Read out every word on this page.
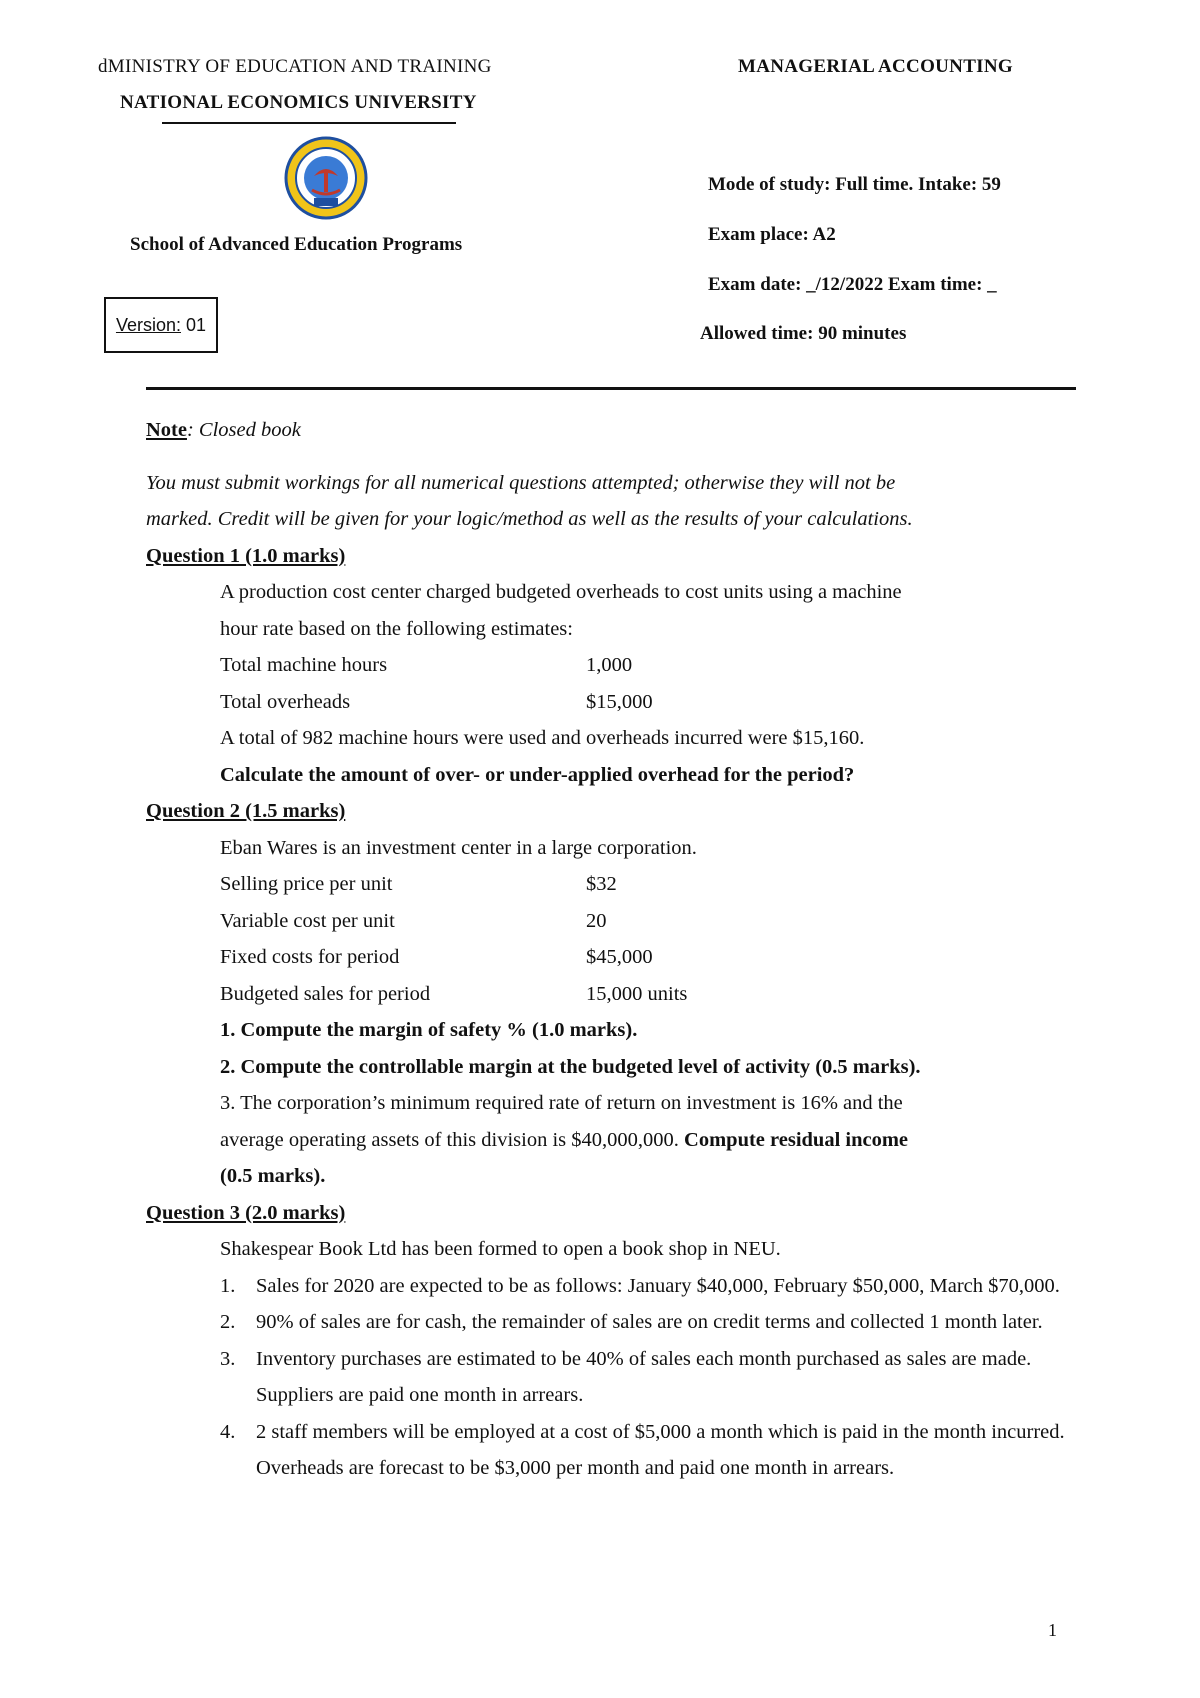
dMINISTRY OF EDUCATION AND TRAINING
NATIONAL ECONOMICS UNIVERSITY
MANAGERIAL ACCOUNTING
School of Advanced Education Programs
Version:
01
Mode of study: Full time. Intake: 59
Exam place: A2
Exam date: _/12/2022 Exam time: _
Allowed time: 90 minutes
Note: Closed book
You must submit workings for all numerical questions attempted; otherwise they will not be
marked. Credit will be given for your logic/method as well as the results of your calculations.
Question 1 (1.0 marks)
A production cost center charged budgeted overheads to cost units using a machine
hour rate based on the following estimates:
Total machine hours	1,000
Total overheads	$15,000
A total of 982 machine hours were used and overheads incurred were $15,160.
Calculate the amount of over- or under-applied overhead for the period?
Question 2 (1.5 marks)
Eban Wares is an investment center in a large corporation.
Selling price per unit	$32
Variable cost per unit	20
Fixed costs for period	$45,000
Budgeted sales for period	15,000 units
1. Compute the margin of safety % (1.0 marks).
2. Compute the controllable margin at the budgeted level of activity (0.5 marks).
3. The corporation’s minimum required rate of return on investment is 16% and the
average operating assets of this division is $40,000,000. Compute residual income
(0.5 marks).
Question 3 (2.0 marks)
Shakespear Book Ltd has been formed to open a book shop in NEU.
1.	Sales for 2020 are expected to be as follows: January $40,000, February $50,000, March $70,000.
2.	90% of sales are for cash, the remainder of sales are on credit terms and collected 1 month later.
3.	Inventory purchases are estimated to be 40% of sales each month purchased as sales are made. Suppliers are paid one month in arrears.
4.	2 staff members will be employed at a cost of $5,000 a month which is paid in the month incurred. Overheads are forecast to be $3,000 per month and paid one month in arrears.
1
